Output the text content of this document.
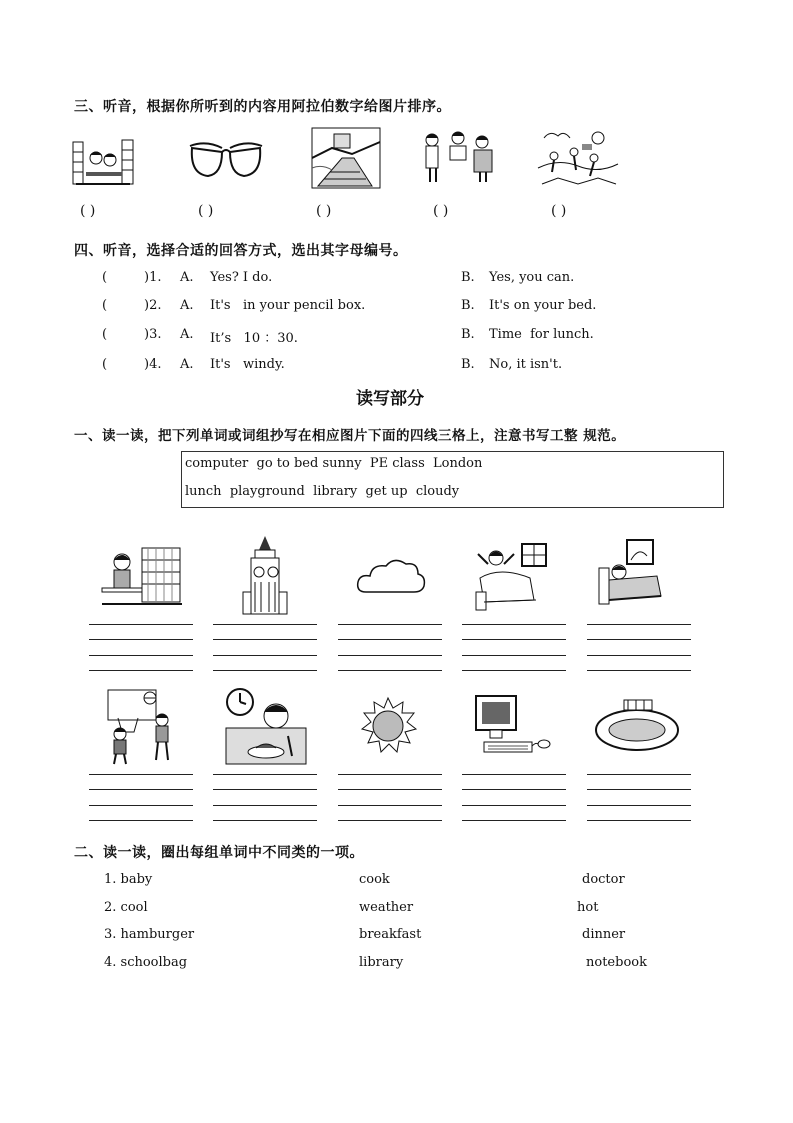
三、听音，根据你所听到的内容用阿拉伯数字给图片排序。
( )	( )	( )	( )	( )
四、听音，选择合适的回答方式，选出其字母编号。
(	)1. A. Yes? I do.	B. Yes, you can.
(	)2. A. It's   in your pencil box.	B. It's on your bed.
(	)3. A. It’s   10 ：30.	B. Time  for lunch.
(	)4. A. It's   windy.	B. No, it isn't.
读写部分
一、读一读，把下列单词或词组抄写在相应图片下面的四线三格上，注意书写工整 规范。
computer  go to bed sunny  PE class  London
lunch  playground  library  get up  cloudy
二、读一读，圈出每组单词中不同类的一项。
1. baby	cook	doctor
2. cool	weather	hot
3. hamburger	breakfast	dinner
4. schoolbag	library	notebook
